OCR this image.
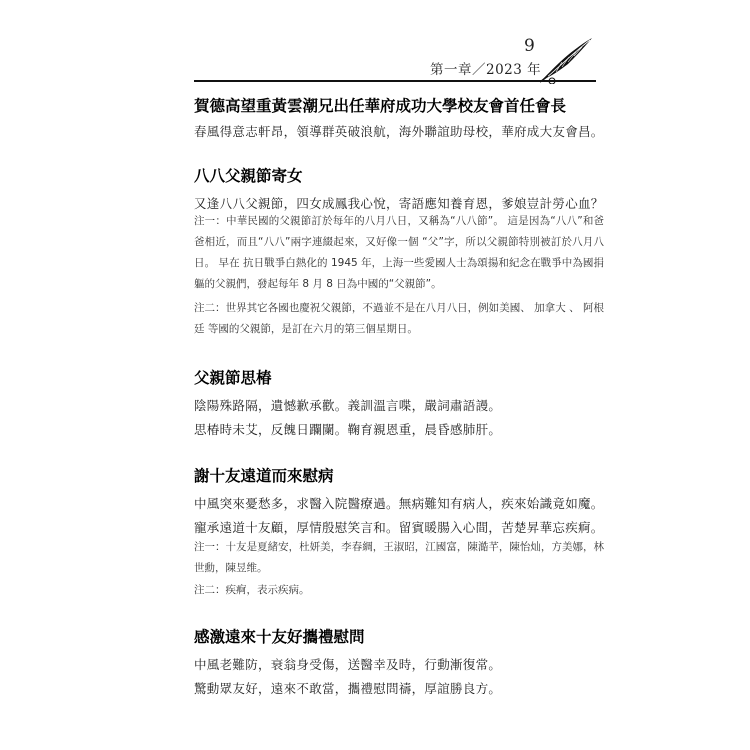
9
第一章／2023 年
賀德高望重黃雲潮兄出任華府成功大學校友會首任會長

春風得意志軒昂，領導群英破浪航，海外聯誼助母校，華府成大友會昌。

八八父親節寄女

又逢八八父親節，四女成鳳我心悅，寄語應知養育恩，爹娘豈計勞心血？

注一：中華民國的父親節訂於每年的八月八日，又稱為“八八節”。 這是因為“八八”和爸爸相近，而且“八八”兩字連綴起來，又好像一個 “父”字，所以父親節特別被訂於八月八日。 早在 抗日戰爭白熱化的 1945 年，上海一些愛國人士為頌揚和紀念在戰爭中為國捐軀的父親們，發起每年 8 月 8 日為中國的“父親節”。

注二：世界其它各國也慶祝父親節，不過並不是在八月八日，例如美國、 加拿大 、 阿根廷 等國的父親節，是訂在六月的第三個星期日。

父親節思椿

陰陽殊路隔，遺憾歉承歡。義訓溫言喋，嚴詞肅語謾。

思椿時未艾，反餽日躝闌。鞠育親恩重，晨昏感肺肝。

謝十友遠道而來慰病

中風突來憂愁多，求醫入院醫療過。無病難知有病人，疾來始識竟如魔。

寵承遠道十友顧，厚情殷慰笑言和。留賓暖腸入心間，苦楚昇華忘疾痾。

注一：十友是夏緒安，杜妍美，李春綢，王淑昭，江國富，陳澔芊，陳怡灿，方美娜，林世勳，陳昱维。

注二：疾痾，表示疾病。

感激遠來十友好攜禮慰問

中風老難防，衰翁身受傷，送醫幸及時，行動漸復常。

驚動眾友好，遠來不敢當，攜禮慰問禱，厚誼勝良方。
